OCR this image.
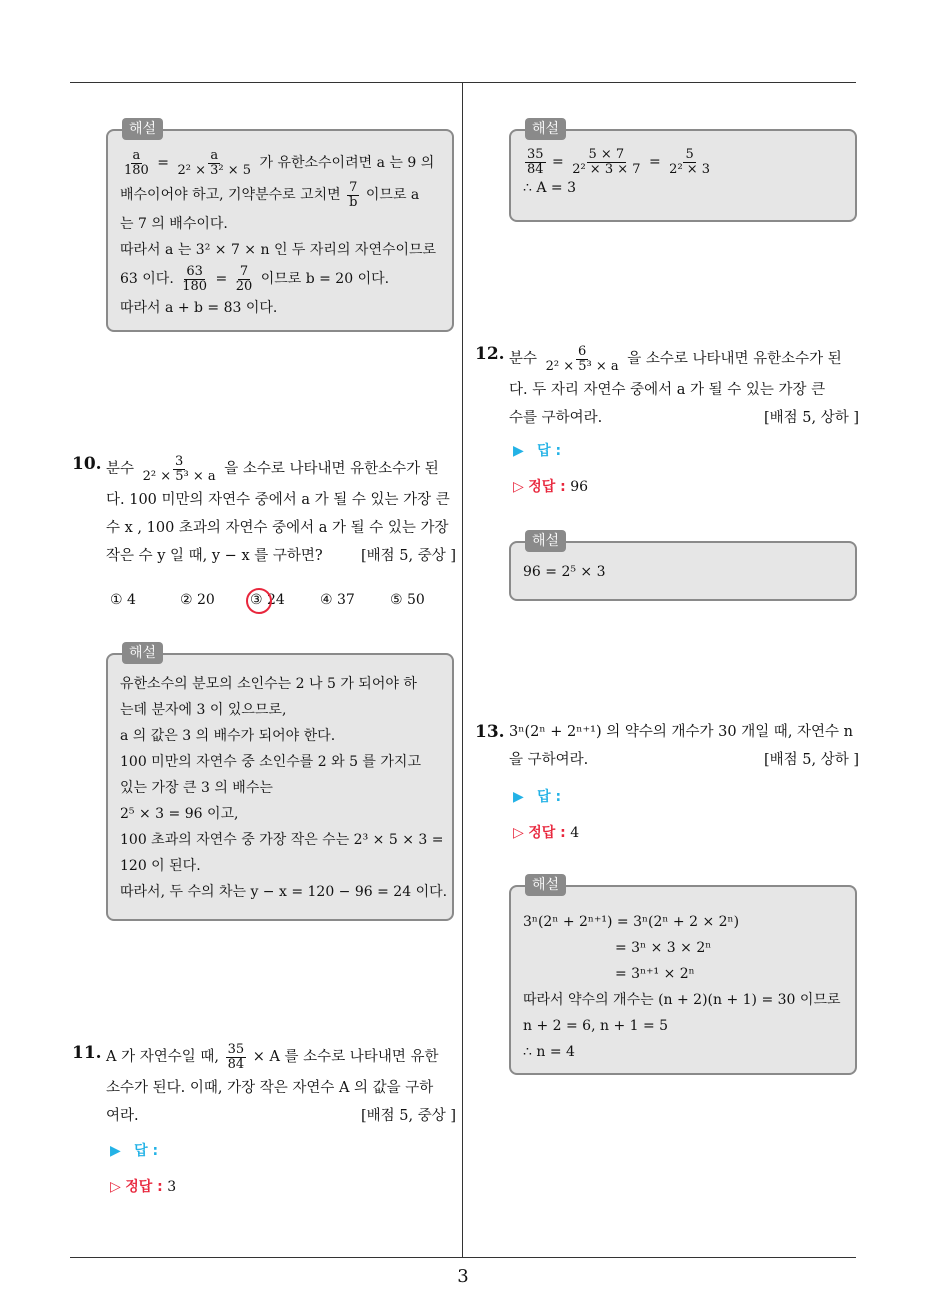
3
해설
$\frac{a}{180} = \frac{a}{\text{2² × 3² × 5}}$ 가 유한소수이려면 a 는 9 의
배수이어야 하고, 기약분수로 고치면 $\frac{7}{b}$ 이므로 a
는 7 의 배수이다.
따라서 a 는 3² × 7 × n 인 두 자리의 자연수이므로
63 이다. $\frac{63}{180} = \frac{7}{20}$ 이므로 b = 20 이다.
따라서 a + b = 83 이다.
10. 분수 $\frac{3}{\text{2² × 5³ × a}}$ 을 소수로 나타내면 유한소수가 된
다. 100 미만의 자연수 중에서 a 가 될 수 있는 가장 큰
수 x , 100 초과의 자연수 중에서 a 가 될 수 있는 가장
작은 수 y 일 때, y − x 를 구하면?	[배점 5, 중상 ]
① 4	② 20	③ 24	④ 37	⑤ 50
해설
유한소수의 분모의 소인수는 2 나 5 가 되어야 하
는데 분자에 3 이 있으므로,
a 의 값은 3 의 배수가 되어야 한다.
100 미만의 자연수 중 소인수를 2 와 5 를 가지고
있는 가장 큰 3 의 배수는
2⁵ × 3 = 96 이고,
100 초과의 자연수 중 가장 작은 수는 2³ × 5 × 3 =
120 이 된다.
따라서, 두 수의 차는 y − x = 120 − 96 = 24 이다.
11. A 가 자연수일 때, $\frac{35}{84} \times A$ 를 소수로 나타내면 유한
소수가 된다. 이때, 가장 작은 자연수 A 의 값을 구하
여라.	[배점 5, 중상 ]
▶ 답 :
▷ 정답 : 3
해설
$\frac{35}{84} = \frac{5 \times 7}{\text{2² × 3 × 7}} = \frac{5}{\text{2² × 3}}$
∴ A = 3
12. 분수 $\frac{6}{\text{2² × 5³ × a}}$ 을 소수로 나타내면 유한소수가 된
다. 두 자리 자연수 중에서 a 가 될 수 있는 가장 큰
수를 구하여라.	[배점 5, 상하 ]
▶ 답 :
▷ 정답 : 96
해설
96 = 2⁵ × 3
13. 3ⁿ(2ⁿ + 2ⁿ⁺¹) 의 약수의 개수가 30 개일 때, 자연수 n
을 구하여라.	[배점 5, 상하 ]
▶ 답 :
▷ 정답 : 4
해설
3ⁿ(2ⁿ + 2ⁿ⁺¹) = 3ⁿ(2ⁿ + 2 × 2ⁿ)
= 3ⁿ × 3 × 2ⁿ
= 3ⁿ⁺¹ × 2ⁿ
따라서 약수의 개수는 (n + 2)(n + 1) = 30 이므로
n + 2 = 6, n + 1 = 5
∴ n = 4
